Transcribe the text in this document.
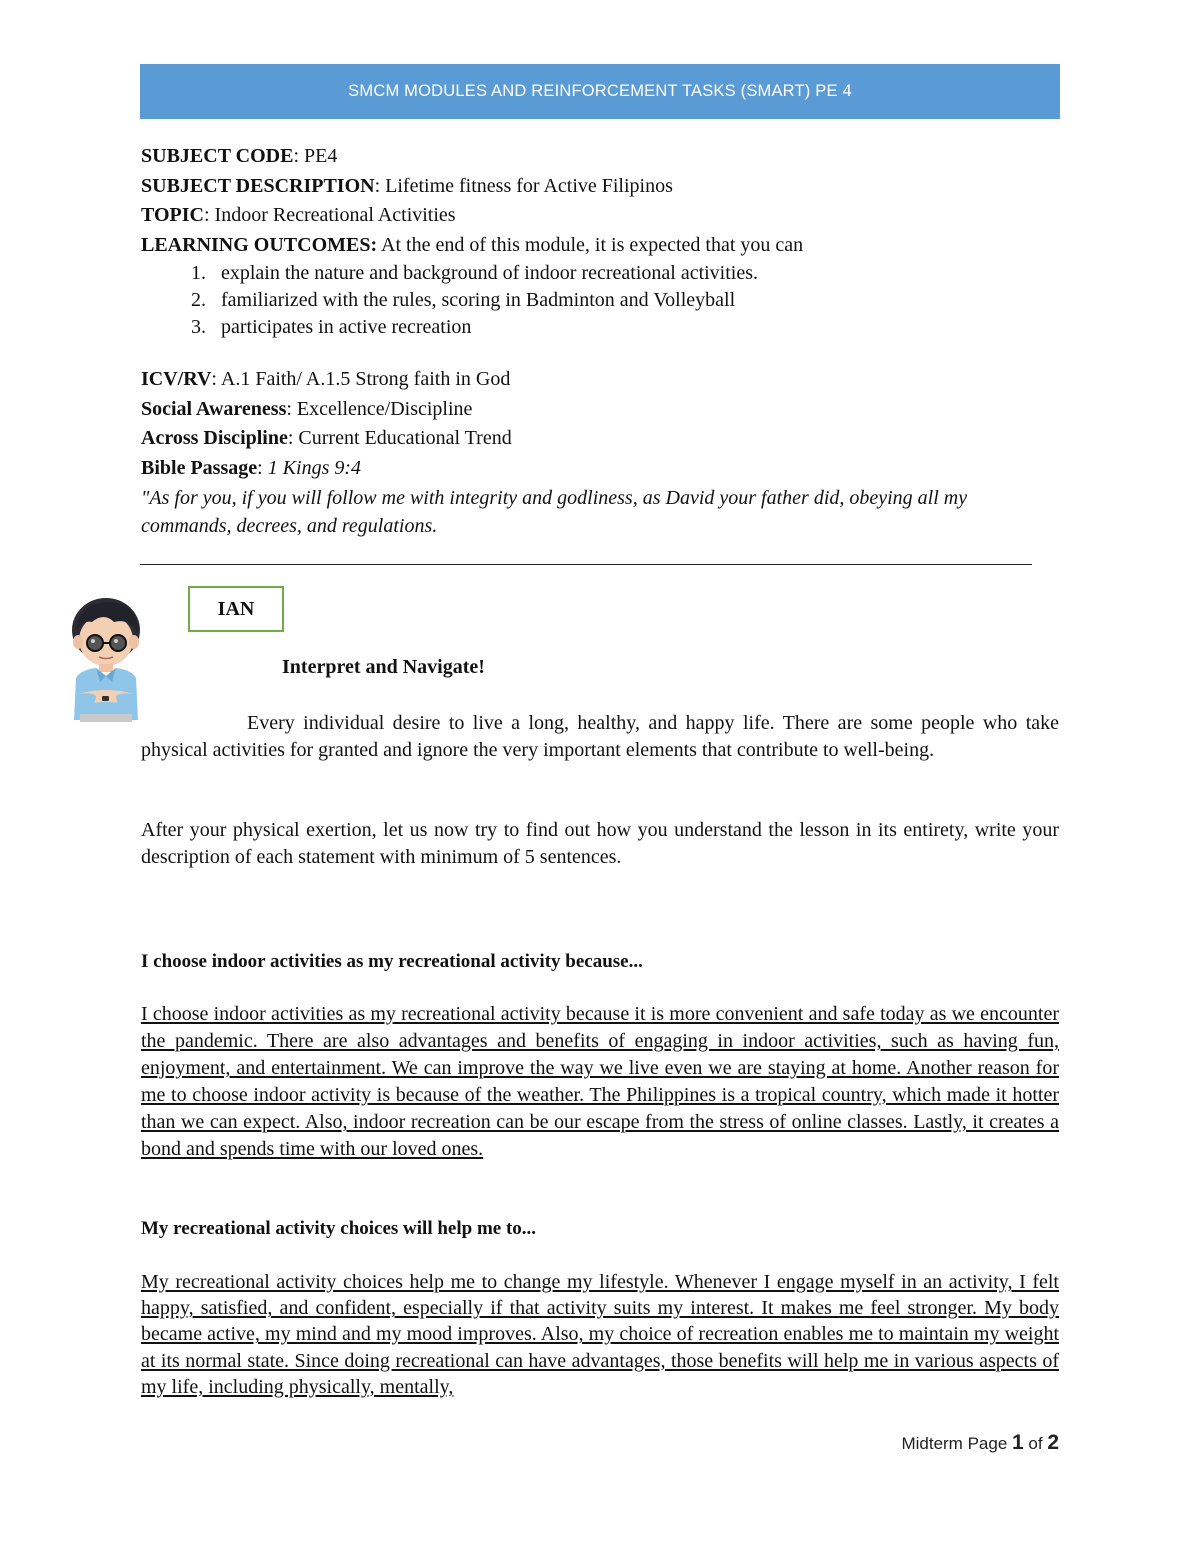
SMCM MODULES AND REINFORCEMENT TASKS (SMART) PE 4
SUBJECT CODE: PE4
SUBJECT DESCRIPTION: Lifetime fitness for Active Filipinos
TOPIC: Indoor Recreational Activities
LEARNING OUTCOMES: At the end of this module, it is expected that you can
1. explain the nature and background of indoor recreational activities.
2. familiarized with the rules, scoring in Badminton and Volleyball
3. participates in active recreation
ICV/RV: A.1 Faith/ A.1.5 Strong faith in God
Social Awareness: Excellence/Discipline
Across Discipline: Current Educational Trend
Bible Passage: 1 Kings 9:4
"As for you, if you will follow me with integrity and godliness, as David your father did, obeying all my commands, decrees, and regulations.
IAN
Interpret and Navigate!
Every individual desire to live a long, healthy, and happy life. There are some people who take physical activities for granted and ignore the very important elements that contribute to well-being.
After your physical exertion, let us now try to find out how you understand the lesson in its entirety, write your description of each statement with minimum of 5 sentences.
I choose indoor activities as my recreational activity because...
I choose indoor activities as my recreational activity because it is more convenient and safe today as we encounter the pandemic. There are also advantages and benefits of engaging in indoor activities, such as having fun, enjoyment, and entertainment. We can improve the way we live even we are staying at home. Another reason for me to choose indoor activity is because of the weather. The Philippines is a tropical country, which made it hotter than we can expect. Also, indoor recreation can be our escape from the stress of online classes. Lastly, it creates a bond and spends time with our loved ones.
My recreational activity choices will help me to...
My recreational activity choices help me to change my lifestyle. Whenever I engage myself in an activity, I felt happy, satisfied, and confident, especially if that activity suits my interest. It makes me feel stronger. My body became active, my mind and my mood improves. Also, my choice of recreation enables me to maintain my weight at its normal state. Since doing recreational can have advantages, those benefits will help me in various aspects of my life, including physically, mentally,
Midterm Page 1 of 2
